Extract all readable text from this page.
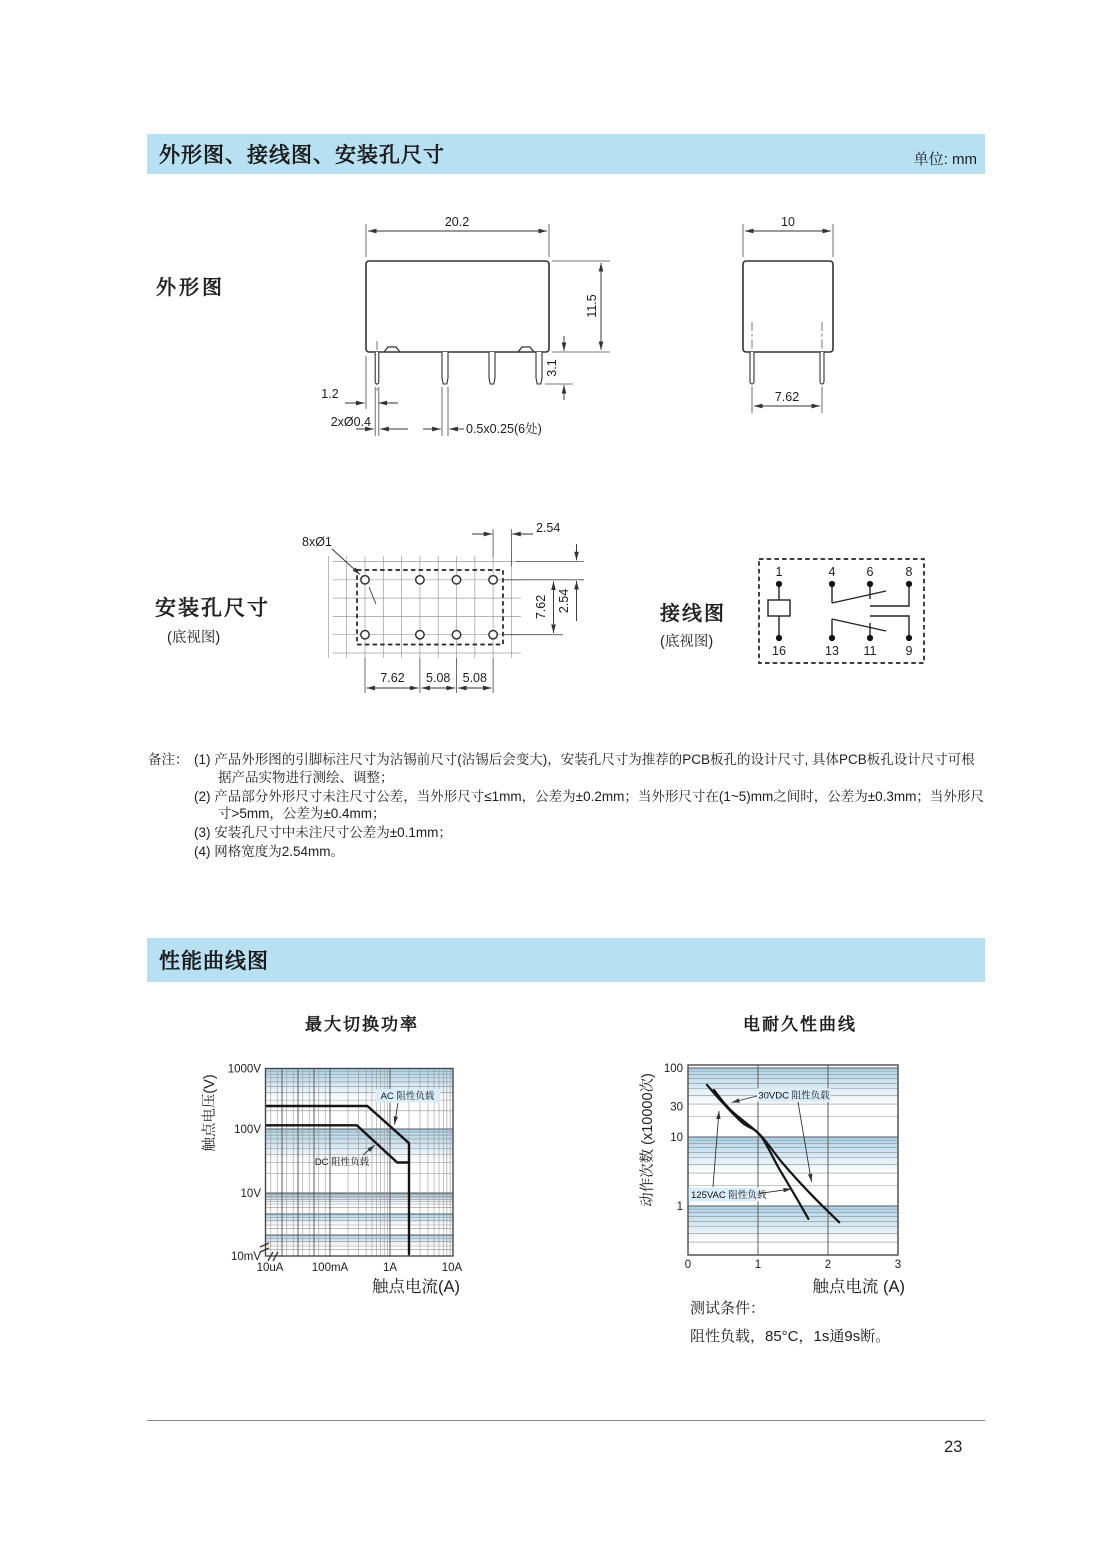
外形图、接线图、安装孔尺寸	单位: mm
外形图
安装孔尺寸
(底视图)
接线图
(底视图)
备注： (1) 产品外形图的引脚标注尺寸为沾锡前尺寸(沾锡后会变大)，安装孔尺寸为推荐的PCB板孔的设计尺寸, 具体PCB板孔设计尺寸可根据产品实物进行测绘、调整；

(2) 产品部分外形尺寸未注尺寸公差，当外形尺寸≤1mm，公差为±0.2mm；当外形尺寸在(1~5)mm之间时，公差为±0.3mm；当外形尺寸>5mm，公差为±0.4mm；

(3) 安装孔尺寸中未注尺寸公差为±0.1mm；

(4) 网格宽度为2.54mm。

性能曲线图
测试条件：
阻性负载，85°C，1s通9s断。
23
20.2
11.5
3.1
1.2
2xØ0.4	0.5x0.25(6处)
10
7.62
8xØ1
2.54
7.62 2.54
7.62 5.08 5.08
1	4 6	8
16	13 11 9
AC 阻性负载
DC 阻性负载
1000V
100V
10V
10mV
10uA 100mA	1A	10A
最大切换功率
触点电流(A)
触点电压(V)	30VDC 阻性负载
125VAC 阻性负载
100
30
10
1
0	1	2	3
电耐久性曲线
触点电流 (A)
动作次数 (x10000次)
